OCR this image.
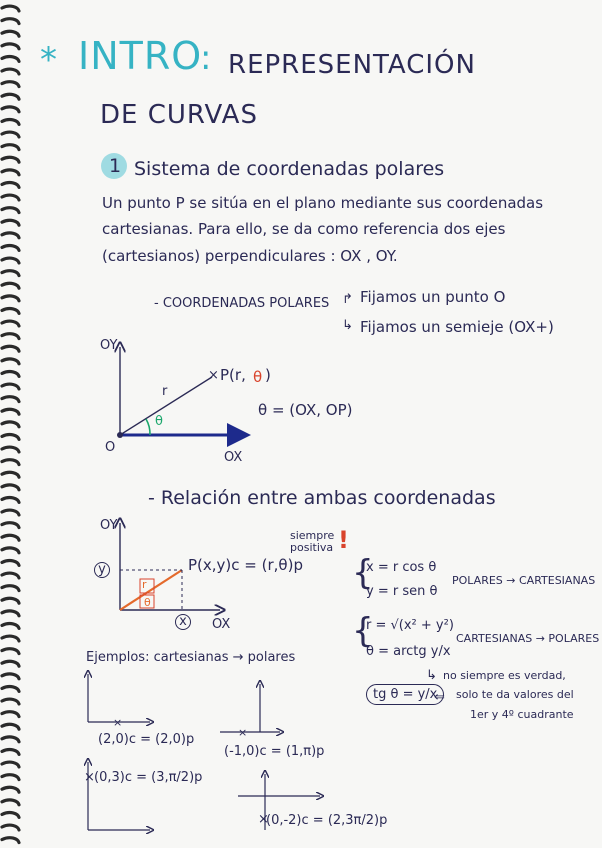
* INTRO
: REPRESENTACIÓN
DE CURVAS
1 Sistema de coordenadas polares
Un punto P se sitúa en el plano mediante sus coordenadas
cartesianas. Para ello, se da como referencia dos ejes
(cartesianos) perpendiculares : OX , OY.
- COORDENADAS POLARES ↱ Fijamos un punto O
↳ Fijamos un semieje (OX+)
OY
O
OX
r
θ
× P(r, θ )
θ = (OX, OP)
- Relación entre ambas coordenadas
OY
OX
y
x
r
θ
P(x,y)c = (r,θ)p
siempre positiva !
{
x = r cos θ
y = r sen θ
POLARES → CARTESIANAS
{
r = √(x² + y²)
θ = arctg y/x
CARTESIANAS → POLARES
tg θ = y/x
⇐
↳ no siempre es verdad,
solo te da valores del
1er y 4º cuadrante
Ejemplos: cartesianas → polares
×
×
(2,0)c = (2,0)p
(-1,0)c = (1,π)p
× (0,3)c = (3,π/2)p
×
(0,-2)c = (2,3π/2)p
